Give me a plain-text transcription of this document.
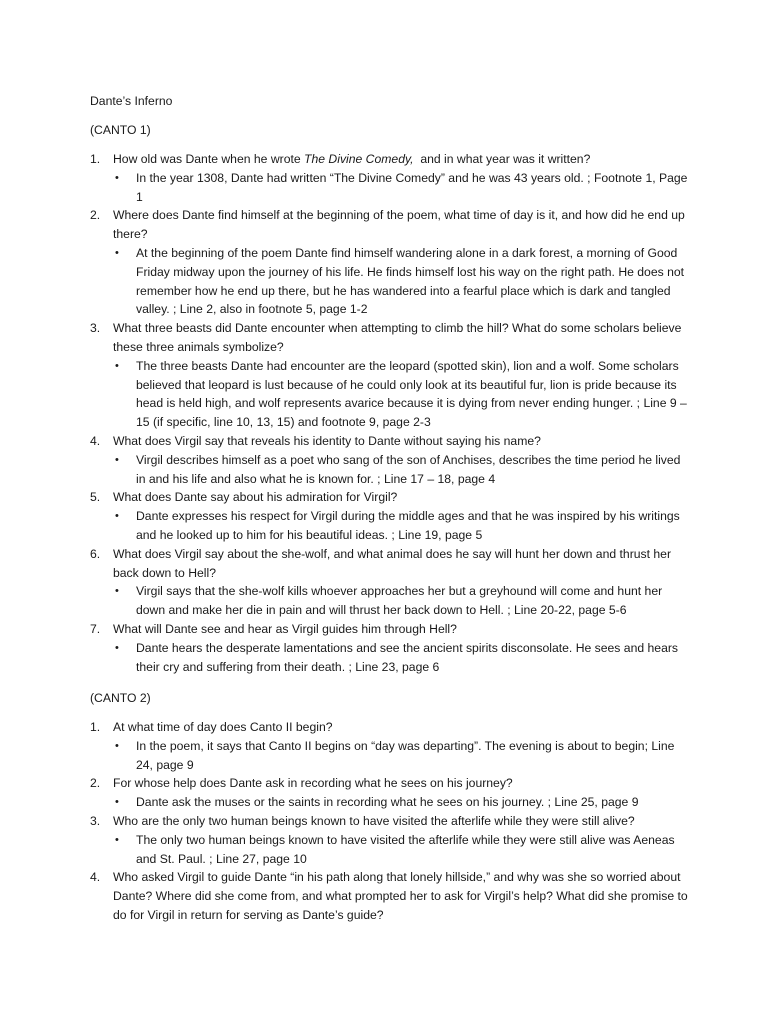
Dante’s Inferno
(CANTO 1)
1. How old was Dante when he wrote The Divine Comedy,  and in what year was it written?
• In the year 1308, Dante had written “The Divine Comedy” and he was 43 years old. ; Footnote 1, Page 1
2. Where does Dante find himself at the beginning of the poem, what time of day is it, and how did he end up there?
• At the beginning of the poem Dante find himself wandering alone in a dark forest, a morning of Good Friday midway upon the journey of his life. He finds himself lost his way on the right path. He does not remember how he end up there, but he has wandered into a fearful place which is dark and tangled valley. ; Line 2, also in footnote 5, page 1-2
3. What three beasts did Dante encounter when attempting to climb the hill? What do some scholars believe these three animals symbolize?
• The three beasts Dante had encounter are the leopard (spotted skin), lion and a wolf. Some scholars believed that leopard is lust because of he could only look at its beautiful fur, lion is pride because its head is held high, and wolf represents avarice because it is dying from never ending hunger. ; Line 9 – 15 (if specific, line 10, 13, 15) and footnote 9, page 2-3
4. What does Virgil say that reveals his identity to Dante without saying his name?
• Virgil describes himself as a poet who sang of the son of Anchises, describes the time period he lived in and his life and also what he is known for. ; Line 17 – 18, page 4
5. What does Dante say about his admiration for Virgil?
• Dante expresses his respect for Virgil during the middle ages and that he was inspired by his writings and he looked up to him for his beautiful ideas. ; Line 19, page 5
6. What does Virgil say about the she-wolf, and what animal does he say will hunt her down and thrust her back down to Hell?
• Virgil says that the she-wolf kills whoever approaches her but a greyhound will come and hunt her down and make her die in pain and will thrust her back down to Hell. ; Line 20-22, page 5-6
7. What will Dante see and hear as Virgil guides him through Hell?
• Dante hears the desperate lamentations and see the ancient spirits disconsolate. He sees and hears their cry and suffering from their death. ; Line 23, page 6
(CANTO 2)
1. At what time of day does Canto II begin?
• In the poem, it says that Canto II begins on “day was departing”. The evening is about to begin; Line 24, page 9
2. For whose help does Dante ask in recording what he sees on his journey?
• Dante ask the muses or the saints in recording what he sees on his journey. ; Line 25, page 9
3. Who are the only two human beings known to have visited the afterlife while they were still alive?
• The only two human beings known to have visited the afterlife while they were still alive was Aeneas and St. Paul. ; Line 27, page 10
4. Who asked Virgil to guide Dante “in his path along that lonely hillside,” and why was she so worried about Dante? Where did she come from, and what prompted her to ask for Virgil’s help? What did she promise to do for Virgil in return for serving as Dante’s guide?
